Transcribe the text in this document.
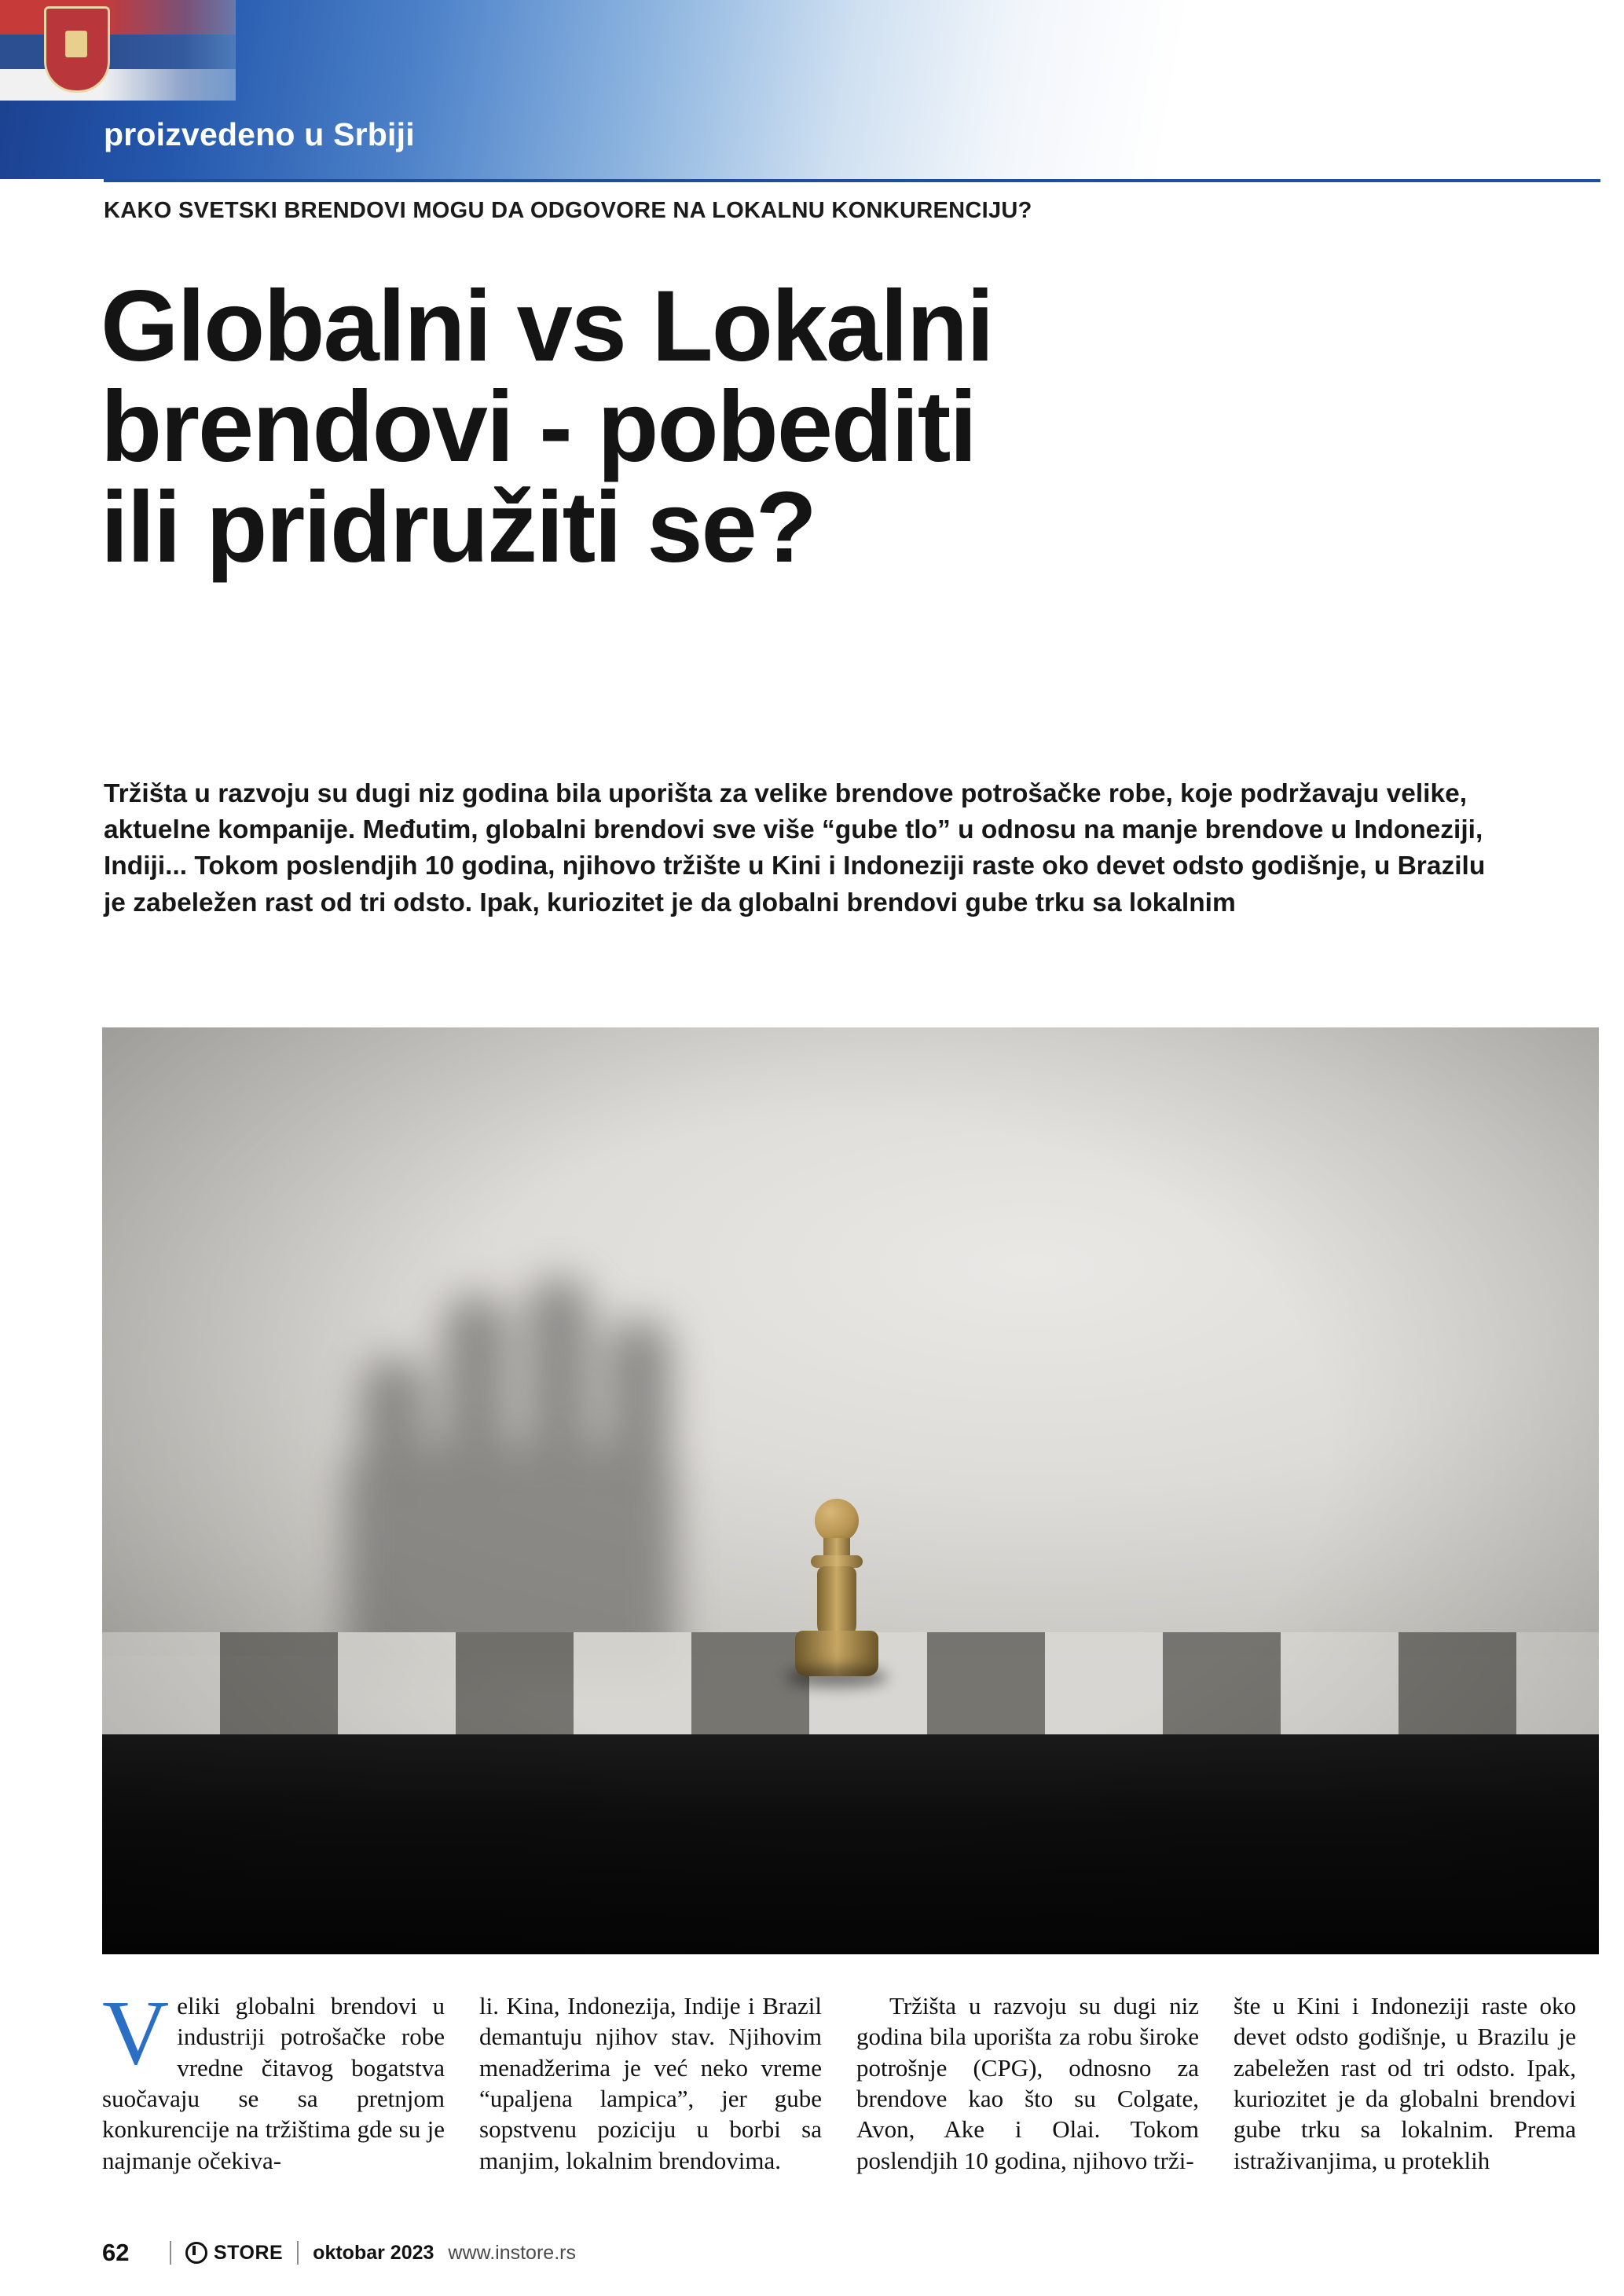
proizvedeno u Srbiji
KAKO SVETSKI BRENDOVI MOGU DA ODGOVORE NA LOKALNU KONKURENCIJU?
Globalni vs Lokalni
brendovi - pobediti
ili pridružiti se?
Tržišta u razvoju su dugi niz godina bila uporišta za velike brendove potrošačke robe, koje podržavaju velike, aktuelne kompanije. Međutim, globalni brendovi sve više “gube tlo” u odnosu na manje brendove u Indoneziji, Indiji... Tokom poslendjih 10 godina, njihovo tržište u Kini i Indoneziji raste oko devet odsto godišnje, u Brazilu je zabeležen rast od tri odsto. Ipak, kuriozitet je da globalni brendovi gube trku sa lokalnim
V eliki globalni brendovi u industriji potrošačke robe vredne čitavog bogatstva suočavaju se sa pretnjom konkurencije na tržištima gde su je najmanje očekiva-

li. Kina, Indonezija, Indije i Brazil demantuju njihov stav. Njihovim menadžerima je već neko vreme “upaljena lampica”, jer gube sopstvenu poziciju u borbi sa manjim, lokalnim brendovima.

Tržišta u razvoju su dugi niz godina bila uporišta za robu široke potrošnje (CPG), odnosno za brendove kao što su Colgate, Avon, Ake i Olai. Tokom poslendjih 10 godina, njihovo trži-

šte u Kini i Indoneziji raste oko devet odsto godišnje, u Brazilu je zabeležen rast od tri odsto. Ipak, kuriozitet je da globalni brendovi gube trku sa lokalnim. Prema istraživanjima, u proteklih

62	STORE oktobar 2023 www.instore.rs
